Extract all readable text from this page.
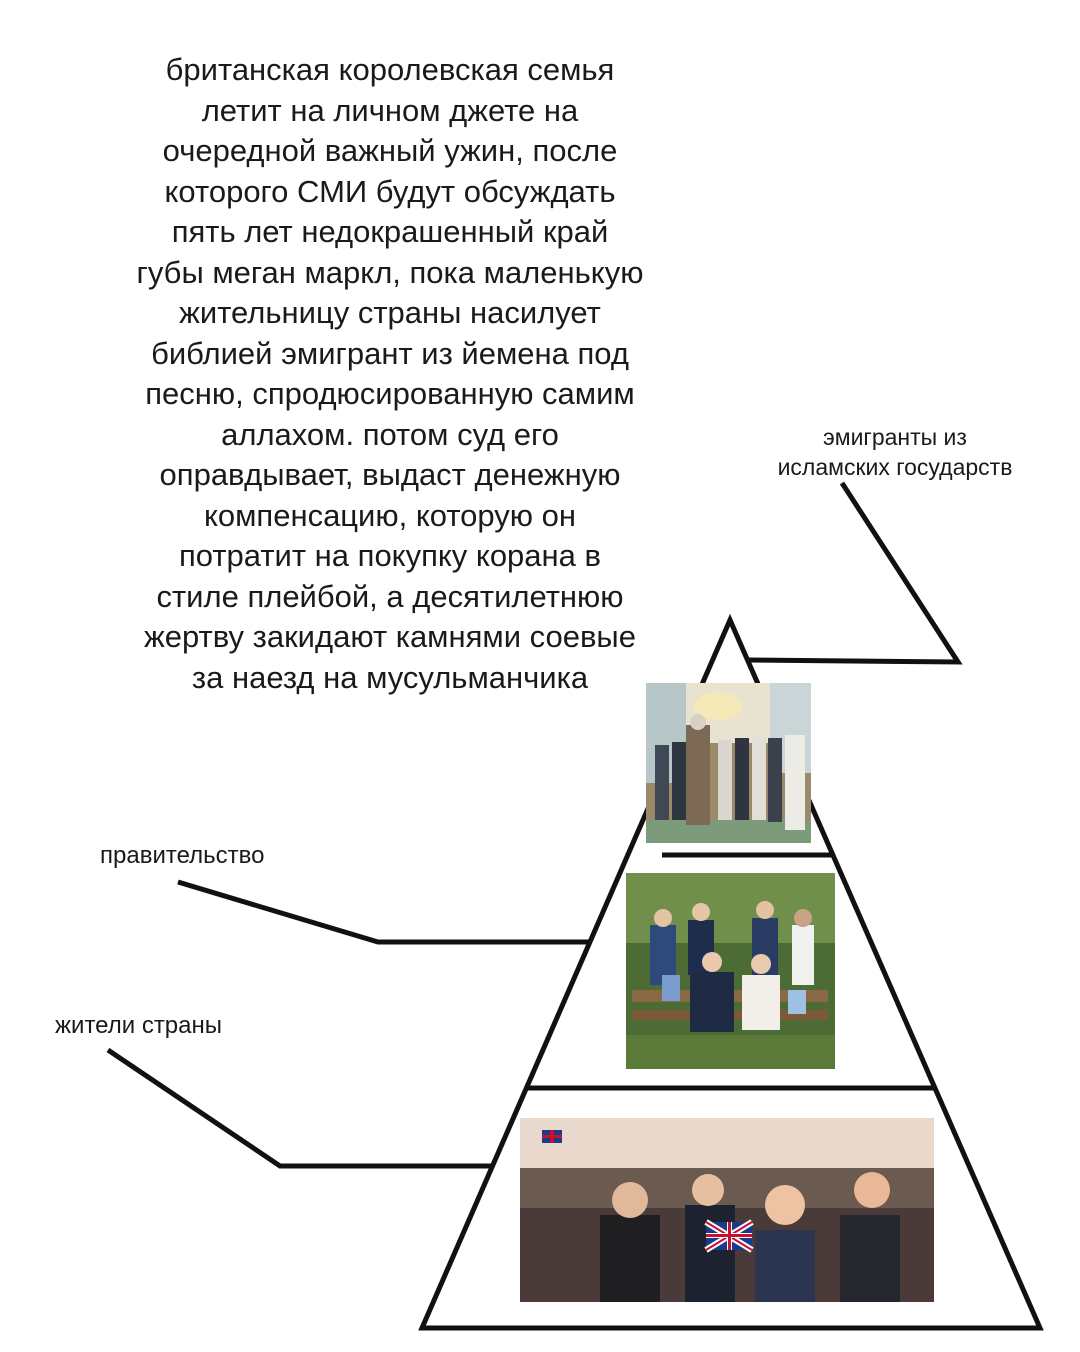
британская королевская семья
летит на личном джете на
очередной важный ужин, после
которого СМИ будут обсуждать
пять лет недокрашенный край
губы меган маркл, пока маленькую
жительницу страны насилует
библией эмигрант из йемена под
песню, спродюсированную самим
аллахом. потом суд его
оправдывает, выдаст денежную
компенсацию, которую он
потратит на покупку корана в
стиле плейбой, а десятилетнюю
жертву закидают камнями соевые
за наезд на мусульманчика
эмигранты из
исламских государств
правительство
жители страны
